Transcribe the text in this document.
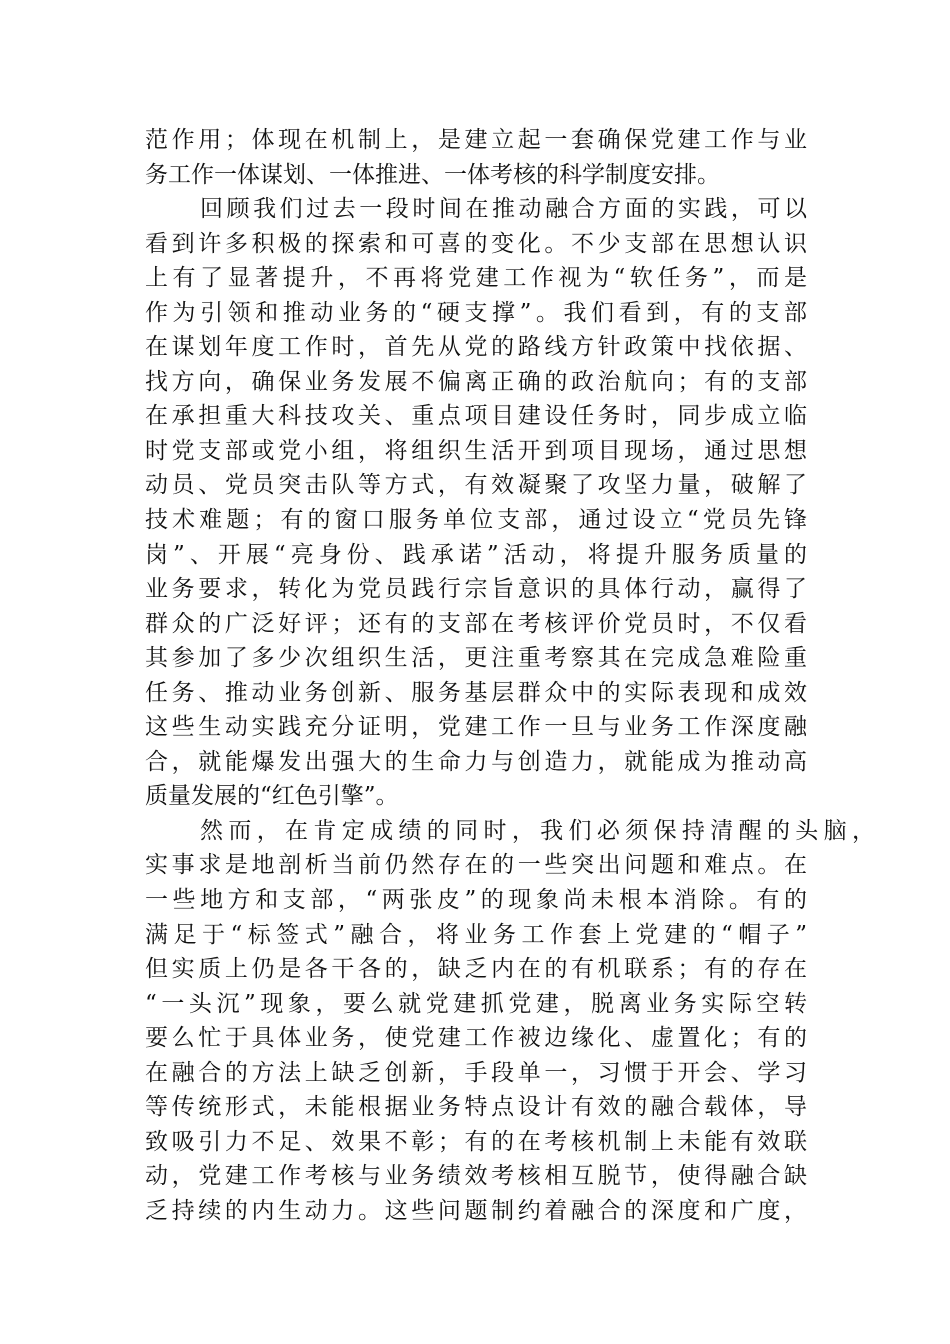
范作用；体现在机制上，是建立起一套确保党建工作与业
务工作一体谋划、一体推进、一体考核的科学制度安排。
回顾我们过去一段时间在推动融合方面的实践，可以
看到许多积极的探索和可喜的变化。不少支部在思想认识
上有了显著提升，不再将党建工作视为“软任务”，而是
作为引领和推动业务的“硬支撑”。我们看到，有的支部
在谋划年度工作时，首先从党的路线方针政策中找依据、
找方向，确保业务发展不偏离正确的政治航向；有的支部
在承担重大科技攻关、重点项目建设任务时，同步成立临
时党支部或党小组，将组织生活开到项目现场，通过思想
动员、党员突击队等方式，有效凝聚了攻坚力量，破解了
技术难题；有的窗口服务单位支部，通过设立“党员先锋
岗”、开展“亮身份、践承诺”活动，将提升服务质量的
业务要求，转化为党员践行宗旨意识的具体行动，赢得了
群众的广泛好评；还有的支部在考核评价党员时，不仅看
其参加了多少次组织生活，更注重考察其在完成急难险重
任务、推动业务创新、服务基层群众中的实际表现和成效
这些生动实践充分证明，党建工作一旦与业务工作深度融
合，就能爆发出强大的生命力与创造力，就能成为推动高
质量发展的“红色引擎”。
然而，在肯定成绩的同时，我们必须保持清醒的头脑，
实事求是地剖析当前仍然存在的一些突出问题和难点。在
一些地方和支部，“两张皮”的现象尚未根本消除。有的
满足于“标签式”融合，将业务工作套上党建的“帽子”
但实质上仍是各干各的，缺乏内在的有机联系；有的存在
“一头沉”现象，要么就党建抓党建，脱离业务实际空转
要么忙于具体业务，使党建工作被边缘化、虚置化；有的
在融合的方法上缺乏创新，手段单一，习惯于开会、学习
等传统形式，未能根据业务特点设计有效的融合载体，导
致吸引力不足、效果不彰；有的在考核机制上未能有效联
动，党建工作考核与业务绩效考核相互脱节，使得融合缺
乏持续的内生动力。这些问题制约着融合的深度和广度，
